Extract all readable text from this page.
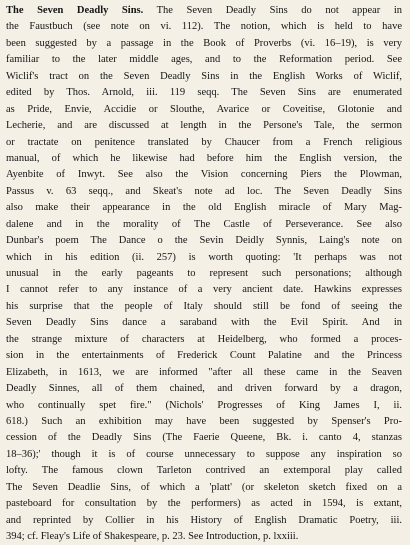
The Seven Deadly Sins. The Seven Deadly Sins do not appear in
the Faustbuch (see note on vi. 112). The notion, which is held to have
been suggested by a passage in the Book of Proverbs (vi. 16–19), is very
familiar to the later middle ages, and to the Reformation period. See
Wiclif's tract on the Seven Deadly Sins in the English Works of Wiclif,
edited by Thos. Arnold, iii. 119 seqq. The Seven Sins are enumerated
as Pride, Envie, Accidie or Slouthe, Avarice or Coveitise, Glotonie and
Lecherie, and are discussed at length in the Persone's Tale, the sermon
or tractate on penitence translated by Chaucer from a French religious
manual, of which he likewise had before him the English version, the
Ayenbite of Inwyt. See also the Vision concerning Piers the Plowman,
Passus v. 63 seqq., and Skeat's note ad loc. The Seven Deadly Sins
also make their appearance in the old English miracle of Mary Mag-
dalene and in the morality of The Castle of Perseverance. See also
Dunbar's poem The Dance o the Sevin Deidly Synnis, Laing's note on
which in his edition (ii. 257) is worth quoting: 'It perhaps was not
unusual in the early pageants to represent such personations; although
I cannot refer to any instance of a very ancient date. Hawkins expresses
his surprise that the people of Italy should still be fond of seeing the
Seven Deadly Sins dance a saraband with the Evil Spirit. And in
the strange mixture of characters at Heidelberg, who formed a proces-
sion in the entertainments of Frederick Count Palatine and the Princess
Elizabeth, in 1613, we are informed "after all these came in the Seaven
Deadly Sinnes, all of them chained, and driven forward by a dragon,
who continually spet fire." (Nichols' Progresses of King James I, ii.
618.) Such an exhibition may have been suggested by Spenser's Pro-
cession of the Deadly Sins (The Faerie Queene, Bk. i. canto 4, stanzas
18–36);' though it is of course unnecessary to suppose any inspiration so
lofty. The famous clown Tarleton contrived an extemporal play called
The Seven Deadlie Sins, of which a 'platt' (or skeleton sketch fixed on a
pasteboard for consultation by the performers) as acted in 1594, is extant,
and reprinted by Collier in his History of English Dramatic Poetry, iii.
394; cf. Fleay's Life of Shakespeare, p. 23. See Introduction, p. lxxiii.
